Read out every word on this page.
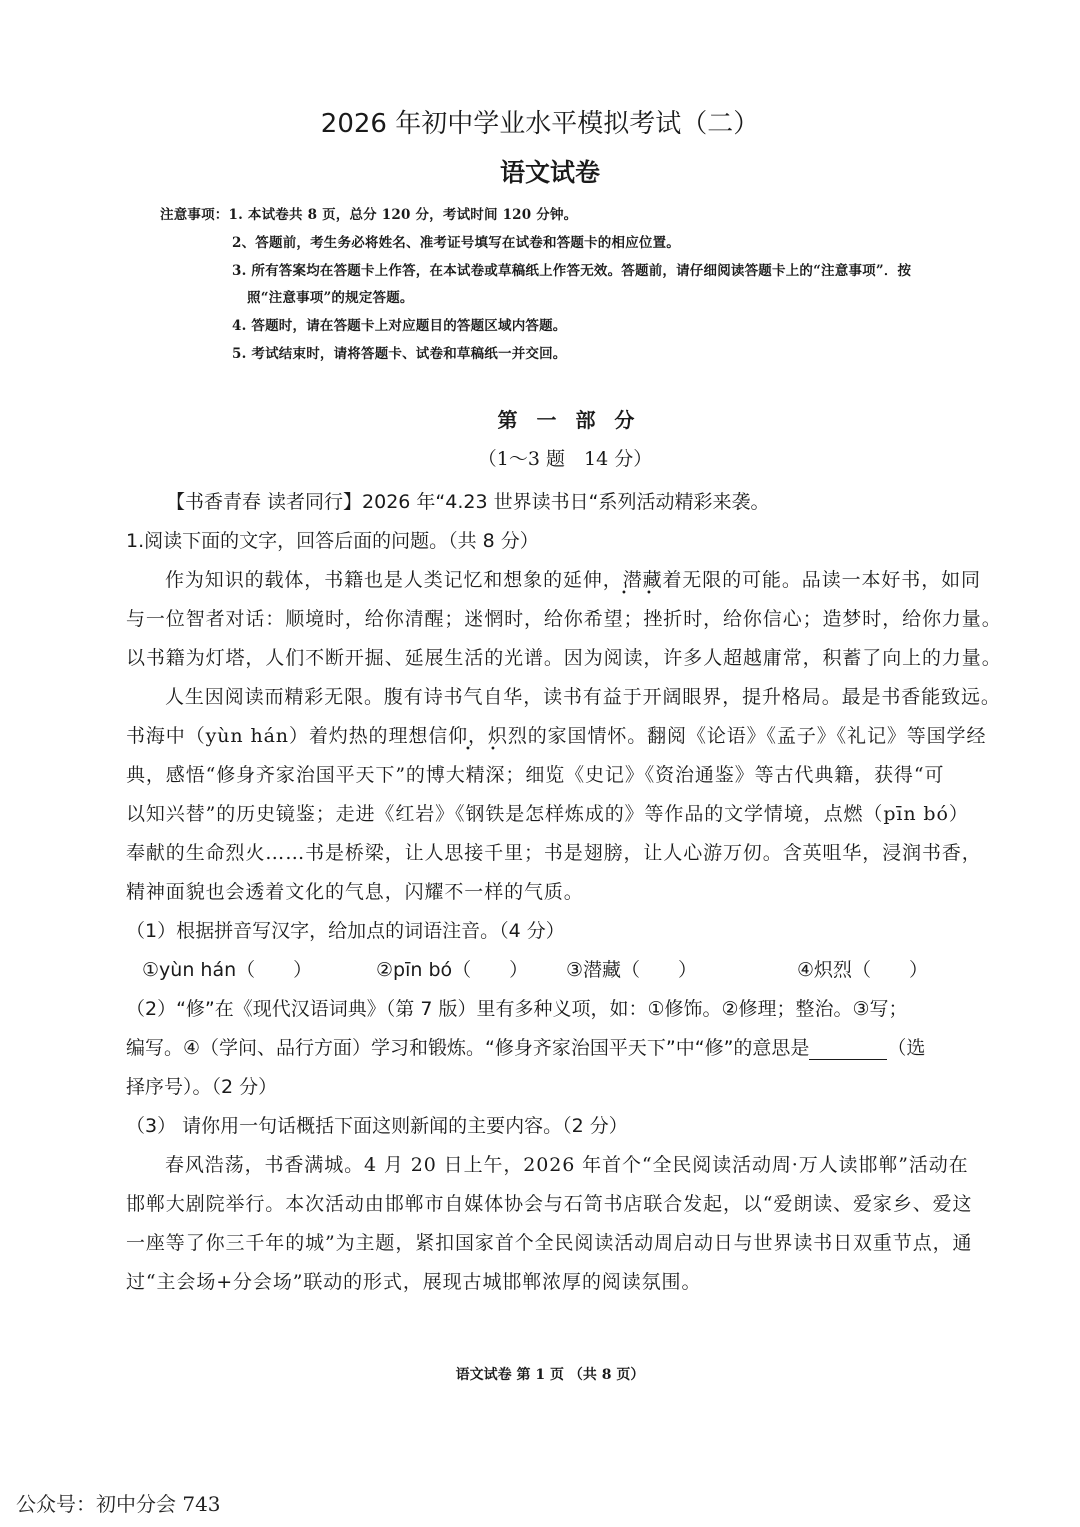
2026 年初中学业水平模拟考试（二）
语文试卷
注意事项：1. 本试卷共 8 页，总分 120 分，考试时间 120 分钟。
2、答题前，考生务必将姓名、准考证号填写在试卷和答题卡的相应位置。
3. 所有答案均在答题卡上作答，在本试卷或草稿纸上作答无效。答题前，请仔细阅读答题卡上的“注意事项”．按
照“注意事项”的规定答题。
4. 答题时，请在答题卡上对应题目的答题区域内答题。
5. 考试结束时，请将答题卡、试卷和草稿纸一并交回。
第 一 部 分
（1～3 题　14 分）
【书香青春 读者同行】2026 年“4.23 世界读书日“系列活动精彩来袭。
1.阅读下面的文字，回答后面的问题。（共 8 分）
作为知识的载体，书籍也是人类记忆和想象的延伸，潜藏着无限的可能。品读一本好书，如同
与一位智者对话：顺境时，给你清醒；迷惘时，给你希望；挫折时，给你信心；造梦时，给你力量。
以书籍为灯塔，人们不断开掘、延展生活的光谱。因为阅读，许多人超越庸常，积蓄了向上的力量。
人生因阅读而精彩无限。腹有诗书气自华，读书有益于开阔眼界，提升格局。最是书香能致远。
书海中（yùn hán）着灼热的理想信仰，炽烈的家国情怀。翻阅《论语》《孟子》《礼记》等国学经
典，感悟“修身齐家治国平天下”的博大精深；细览《史记》《资治通鉴》等古代典籍，获得“可
以知兴替”的历史镜鉴；走进《红岩》《钢铁是怎样炼成的》等作品的文学情境，点燃（pīn bó）
奉献的生命烈火……书是桥梁，让人思接千里；书是翅膀，让人心游万仞。含英咀华，浸润书香，
精神面貌也会透着文化的气息，闪耀不一样的气质。
• •
• •
（1）根据拼音写汉字，给加点的词语注音。（4 分）
①yùn hán（　　）	②pīn bó（　　） ③潜藏（　　）	④炽烈（　　）
（2）“修”在《现代汉语词典》（第 7 版）里有多种义项，如：①修饰。②修理；整治。③写；
编写。④（学问、品行方面）学习和锻炼。“修身齐家治国平天下”中“修”的意思是	（选
择序号）。（2 分）
（3） 请你用一句话概括下面这则新闻的主要内容。（2 分）
春风浩荡，书香满城。4 月 20 日上午，2026 年首个“全民阅读活动周·万人读邯郸”活动在
邯郸大剧院举行。本次活动由邯郸市自媒体协会与石笥书店联合发起，以“爱朗读、爱家乡、爱这
一座等了你三千年的城”为主题，紧扣国家首个全民阅读活动周启动日与世界读书日双重节点，通
过“主会场+分会场”联动的形式，展现古城邯郸浓厚的阅读氛围。
语文试卷 第 1 页 （共 8 页）
公众号：初中分会 743
